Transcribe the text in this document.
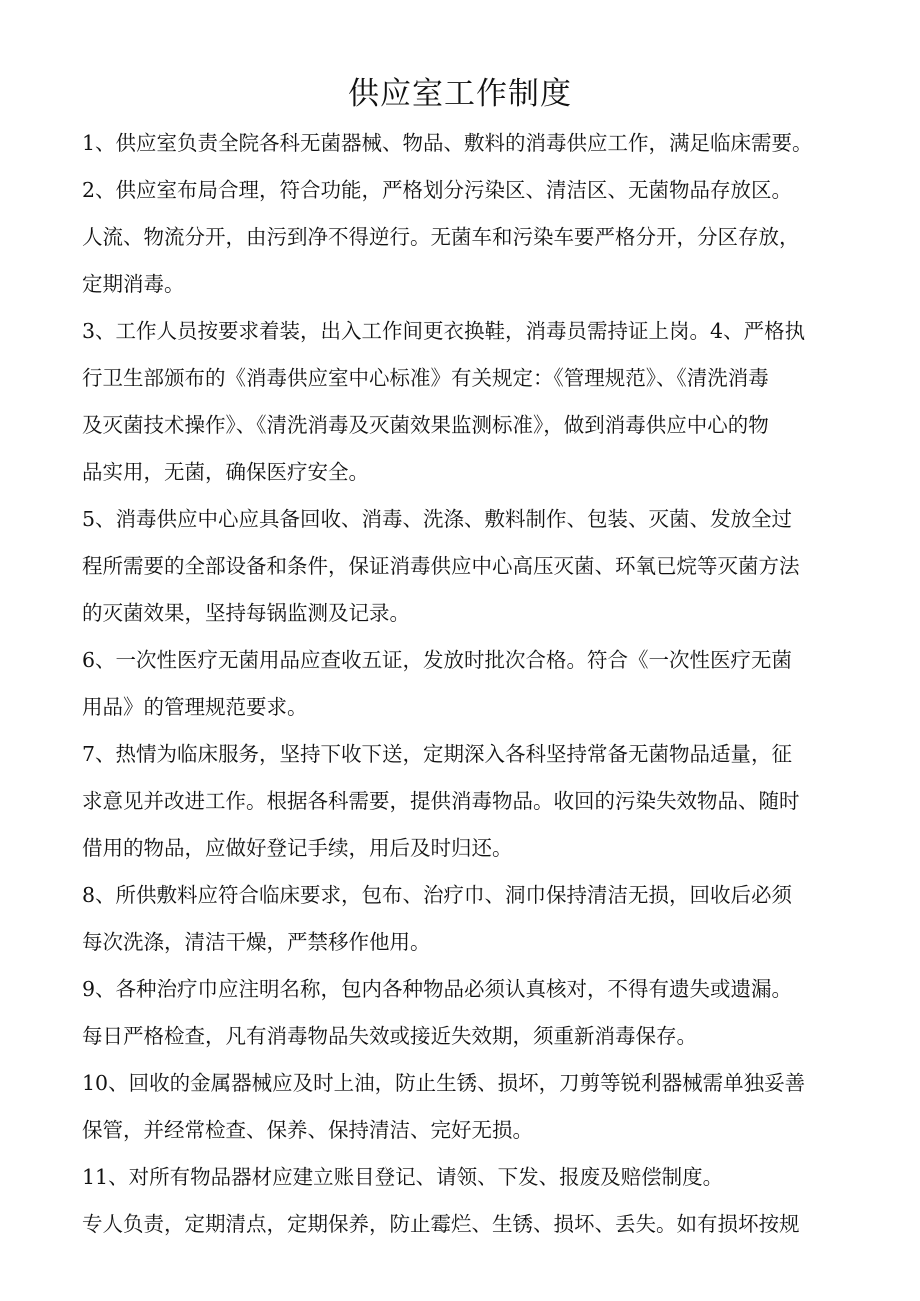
供应室工作制度
1、供应室负责全院各科无菌器械、物品、敷料的消毒供应工作，满足临床需要。
2、供应室布局合理，符合功能，严格划分污染区、清洁区、无菌物品存放区。
人流、物流分开，由污到净不得逆行。无菌车和污染车要严格分开，分区存放，
定期消毒。
3、工作人员按要求着装，出入工作间更衣换鞋，消毒员需持证上岗。4、严格执
行卫生部颁布的《消毒供应室中心标准》有关规定：《管理规范》、《清洗消毒
及灭菌技术操作》、《清洗消毒及灭菌效果监测标准》，做到消毒供应中心的物
品实用，无菌，确保医疗安全。
5、消毒供应中心应具备回收、消毒、洗涤、敷料制作、包装、灭菌、发放全过
程所需要的全部设备和条件，保证消毒供应中心高压灭菌、环氧已烷等灭菌方法
的灭菌效果，坚持每锅监测及记录。
6、一次性医疗无菌用品应查收五证，发放时批次合格。符合《一次性医疗无菌
用品》的管理规范要求。
7、热情为临床服务，坚持下收下送，定期深入各科坚持常备无菌物品适量，征
求意见并改进工作。根据各科需要，提供消毒物品。收回的污染失效物品、随时
借用的物品，应做好登记手续，用后及时归还。
8、所供敷料应符合临床要求，包布、治疗巾、洞巾保持清洁无损，回收后必须
每次洗涤，清洁干燥，严禁移作他用。
9、各种治疗巾应注明名称，包内各种物品必须认真核对，不得有遗失或遗漏。
每日严格检查，凡有消毒物品失效或接近失效期，须重新消毒保存。
10、回收的金属器械应及时上油，防止生锈、损坏，刀剪等锐利器械需单独妥善
保管，并经常检查、保养、保持清洁、完好无损。
11、对所有物品器材应建立账目登记、请领、下发、报废及赔偿制度。
专人负责，定期清点，定期保养，防止霉烂、生锈、损坏、丢失。如有损坏按规
